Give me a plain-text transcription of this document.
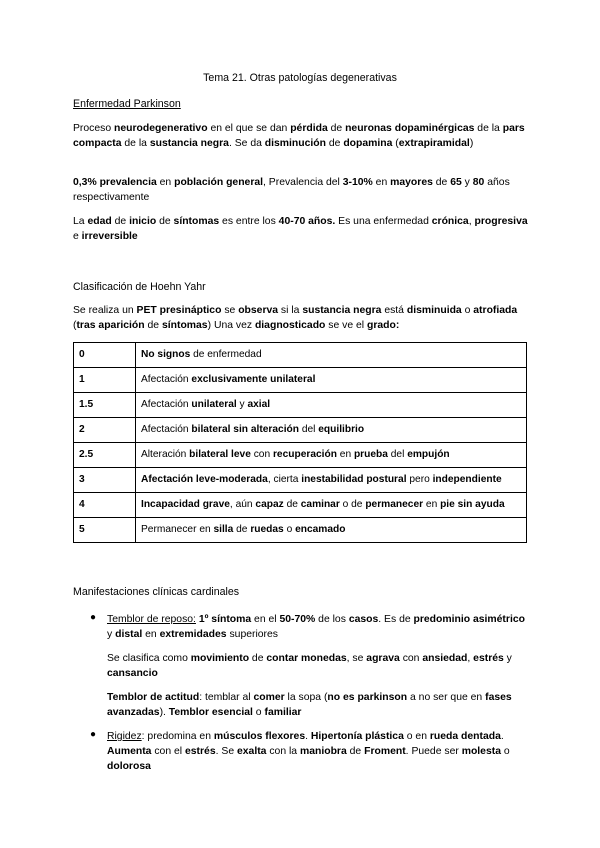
Tema 21. Otras patologías degenerativas
Enfermedad Parkinson
Proceso neurodegenerativo en el que se dan pérdida de neuronas dopaminérgicas de la pars compacta de la sustancia negra. Se da disminución de dopamina (extrapiramidal)
0,3% prevalencia en población general, Prevalencia del 3-10% en mayores de 65 y 80 años respectivamente
La edad de inicio de síntomas es entre los 40-70 años. Es una enfermedad crónica, progresiva e irreversible
Clasificación de Hoehn Yahr
Se realiza un PET presináptico se observa si la sustancia negra está disminuida o atrofiada (tras aparición de síntomas) Una vez diagnosticado se ve el grado:
0	No signos de enfermedad
1	Afectación exclusivamente unilateral
1.5	Afectación unilateral y axial
2	Afectación bilateral sin alteración del equilibrio
2.5	Alteración bilateral leve con recuperación en prueba del empujón
3	Afectación leve-moderada, cierta inestabilidad postural pero independiente
4	Incapacidad grave, aún capaz de caminar o de permanecer en pie sin ayuda
5	Permanecer en silla de ruedas o encamado
Manifestaciones clínicas cardinales
● Temblor de reposo: 1º síntoma en el 50-70% de los casos. Es de predominio asimétrico y distal en extremidades superiores
Se clasifica como movimiento de contar monedas, se agrava con ansiedad, estrés y cansancio
Temblor de actitud: temblar al comer la sopa (no es parkinson a no ser que en fases avanzadas). Temblor esencial o familiar
● Rigidez: predomina en músculos flexores. Hipertonía plástica o en rueda dentada. Aumenta con el estrés. Se exalta con la maniobra de Froment. Puede ser molesta o dolorosa
